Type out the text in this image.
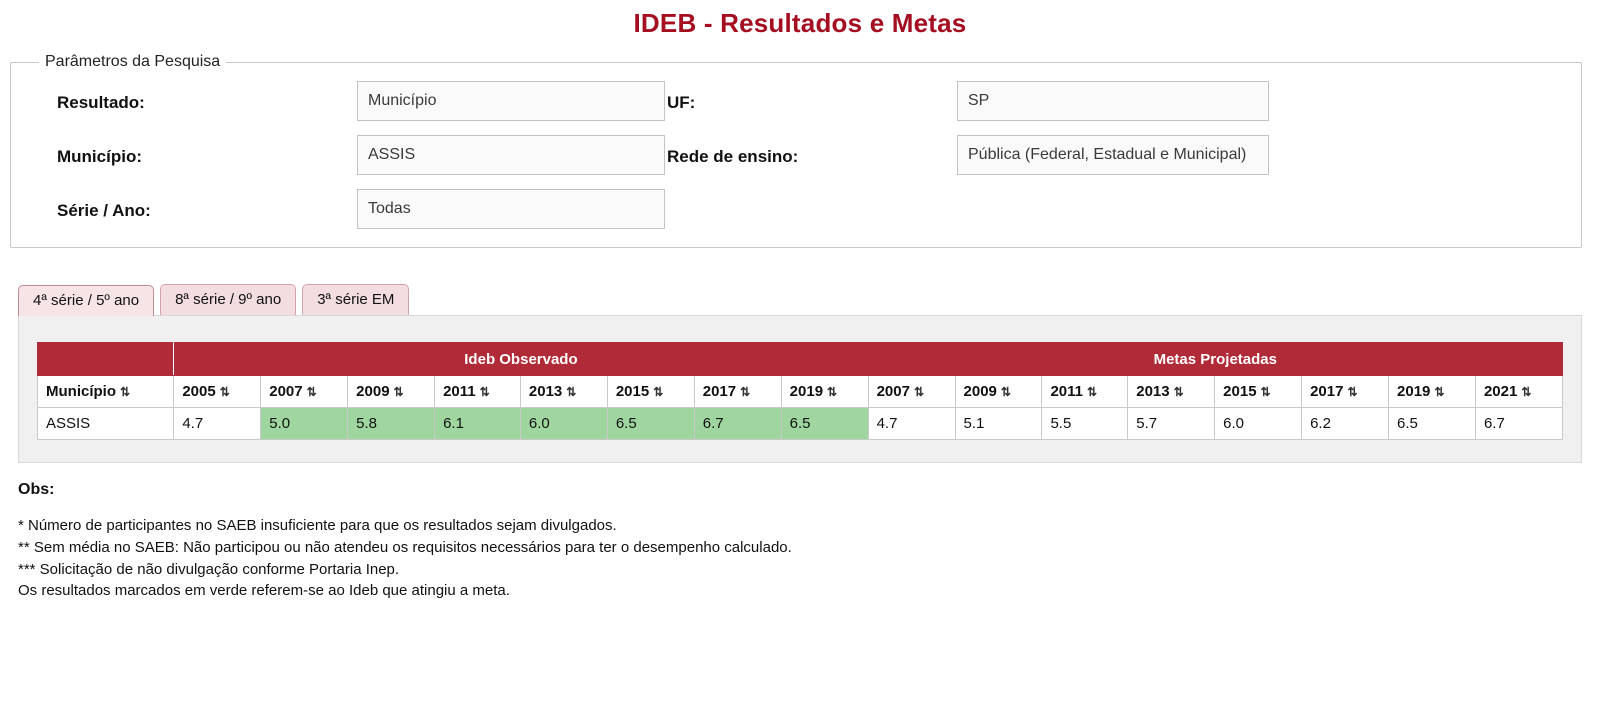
IDEB - Resultados e Metas
Parâmetros da Pesquisa
Resultado:	Município	UF:	SP
Município:	ASSIS	Rede de ensino:	Pública (Federal, Estadual e Municipal)
Série / Ano:	Todas
4ª série / 5º ano	8ª série / 9º ano	3ª série EM
	Ideb Observado								Metas Projetadas							
Município ⇅	2005 ⇅	2007 ⇅	2009 ⇅	2011 ⇅	2013 ⇅	2015 ⇅	2017 ⇅	2019 ⇅	2007 ⇅	2009 ⇅	2011 ⇅	2013 ⇅	2015 ⇅	2017 ⇅	2019 ⇅	2021 ⇅
ASSIS	4.7	5.0	5.8	6.1	6.0	6.5	6.7	6.5	4.7	5.1	5.5	5.7	6.0	6.2	6.5	6.7
Obs:
* Número de participantes no SAEB insuficiente para que os resultados sejam divulgados.
** Sem média no SAEB: Não participou ou não atendeu os requisitos necessários para ter o desempenho calculado.
*** Solicitação de não divulgação conforme Portaria Inep.
Os resultados marcados em verde referem-se ao Ideb que atingiu a meta.
